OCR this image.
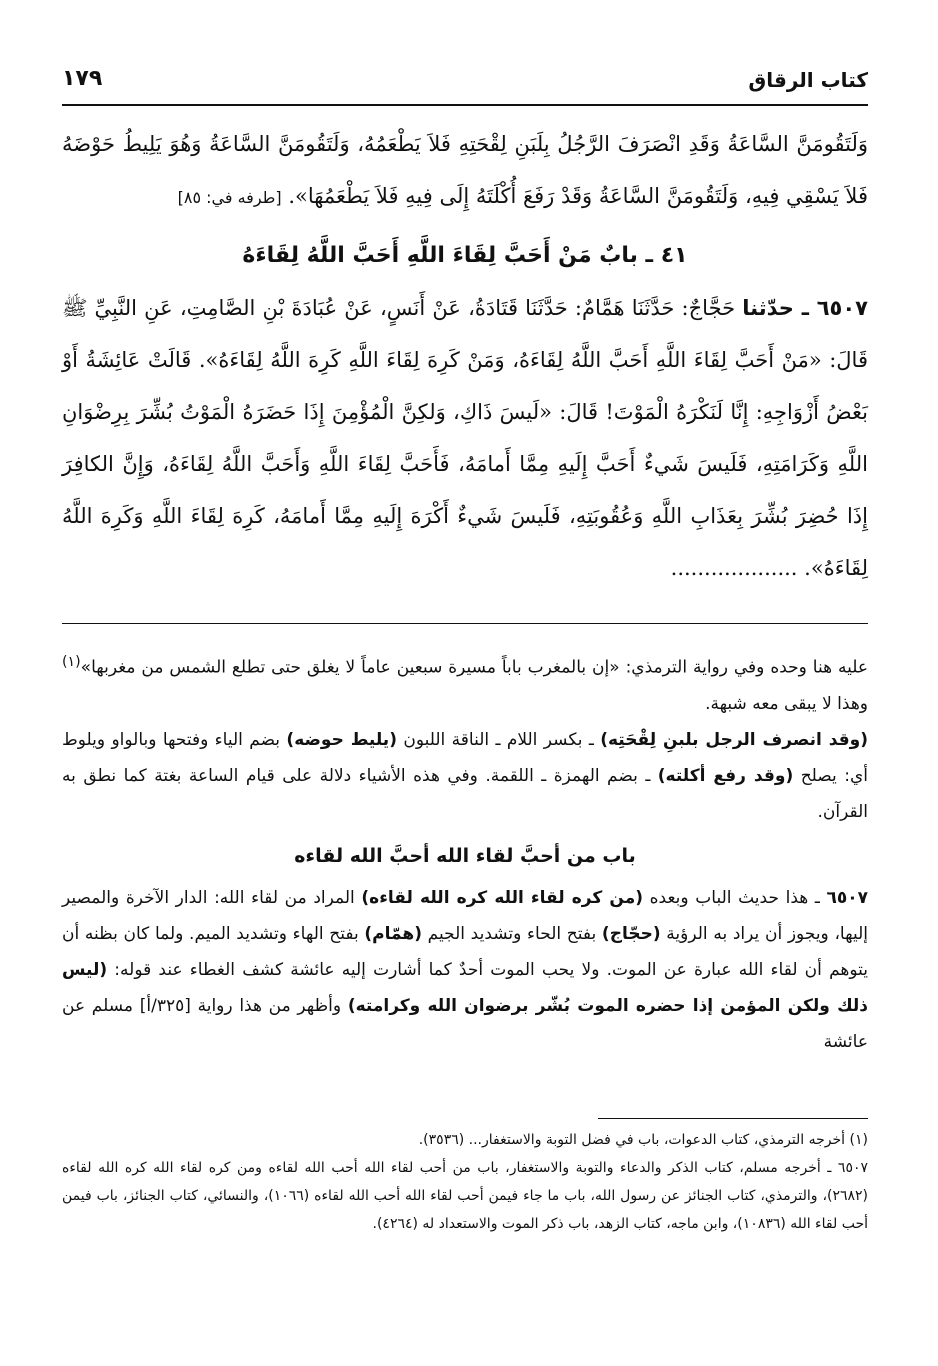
كتاب الرقاق
١٧٩

وَلَتَقُومَنَّ السَّاعَةُ وَقَدِ انْصَرَفَ الرَّجُلُ بِلَبَنِ لِقْحَتِهِ فَلاَ يَطْعَمُهُ، وَلَتَقُومَنَّ السَّاعَةُ وَهُوَ يَلِيطُ حَوْضَهُ فَلاَ يَسْقِي فِيهِ، وَلَتَقُومَنَّ السَّاعَةُ وَقَدْ رَفَعَ أُكْلَتَهُ إِلَى فِيهِ فَلاَ يَطْعَمُهَا». [طرفه في: ٨٥]

٤١ ـ بابٌ مَنْ أَحَبَّ لِقَاءَ اللَّهِ أَحَبَّ اللَّهُ لِقَاءَهُ

٦٥٠٧ ـ حدّثنا حَجَّاجٌ: حَدَّثَنَا هَمَّامٌ: حَدَّثَنَا قَتَادَةُ، عَنْ أَنَسٍ، عَنْ عُبَادَةَ بْنِ الصَّامِتِ، عَنِ النَّبِيِّ ﷺ قَالَ: «مَنْ أَحَبَّ لِقَاءَ اللَّهِ أَحَبَّ اللَّهُ لِقَاءَهُ، وَمَنْ كَرِهَ لِقَاءَ اللَّهِ كَرِهَ اللَّهُ لِقَاءَهُ». قَالَتْ عَائِشَةُ أَوْ بَعْضُ أَزْوَاجِهِ: إِنَّا لَنَكْرَهُ الْمَوْتَ! قَالَ: «لَيسَ ذَاكِ، وَلكِنَّ الْمُؤْمِنَ إِذَا حَضَرَهُ الْمَوْتُ بُشِّرَ بِرِضْوَانِ اللَّهِ وَكَرَامَتِهِ، فَلَيسَ شَيءٌ أَحَبَّ إِلَيهِ مِمَّا أَمامَهُ، فَأَحَبَّ لِقَاءَ اللَّهِ وَأَحَبَّ اللَّهُ لِقَاءَهُ، وَإِنَّ الكافِرَ إِذَا حُضِرَ بُشِّرَ بِعَذَابِ اللَّهِ وَعُقُوبَتِهِ، فَلَيسَ شَيءٌ أَكْرَهَ إِلَيهِ مِمَّا أَمامَهُ، كَرِهَ لِقَاءَ اللَّهِ وَكَرِهَ اللَّهُ لِقَاءَهُ». ...................

عليه هنا وحده وفي رواية الترمذي: «إن بالمغرب باباً مسيرة سبعين عاماً لا يغلق حتى تطلع الشمس من مغربها»$^{(١)}$ وهذا لا يبقى معه شبهة.

(وقد انصرف الرجل بلبنِ لِقْحَتِه) ـ بكسر اللام ـ الناقة اللبون (يليط حوضه) بضم الياء وفتحها وبالواو ويلوط أي: يصلح (وقد رفع أكلته) ـ بضم الهمزة ـ اللقمة. وفي هذه الأشياء دلالة على قيام الساعة بغتة كما نطق به القرآن.

باب من أحبَّ لقاء الله أحبَّ الله لقاءه

٦٥٠٧ ـ هذا حديث الباب وبعده (من كره لقاء الله كره الله لقاءه) المراد من لقاء الله: الدار الآخرة والمصير إليها، ويجوز أن يراد به الرؤية (حجّاج) بفتح الحاء وتشديد الجيم (همّام) بفتح الهاء وتشديد الميم. ولما كان بظنه أن يتوهم أن لقاء الله عبارة عن الموت. ولا يحب الموت أحدٌ كما أشارت إليه عائشة كشف الغطاء عند قوله: (ليس ذلك ولكن المؤمن إذا حضره الموت بُشّر برضوان الله وكرامته) وأظهر من هذا رواية [٣٢٥/أ] مسلم عن عائشة

(١) أخرجه الترمذي، كتاب الدعوات، باب في فضل التوبة والاستغفار... (٣٥٣٦).

٦٥٠٧ ـ أخرجه مسلم، كتاب الذكر والدعاء والتوبة والاستغفار، باب من أحب لقاء الله أحب الله لقاءه ومن كره لقاء الله كره الله لقاءه (٢٦٨٢)، والترمذي، كتاب الجنائز عن رسول الله، باب ما جاء فيمن أحب لقاء الله أحب الله لقاءه (١٠٦٦)، والنسائي، كتاب الجنائز، باب فيمن أحب لقاء الله (١٠٨٣٦)، وابن ماجه، كتاب الزهد، باب ذكر الموت والاستعداد له (٤٢٦٤).
